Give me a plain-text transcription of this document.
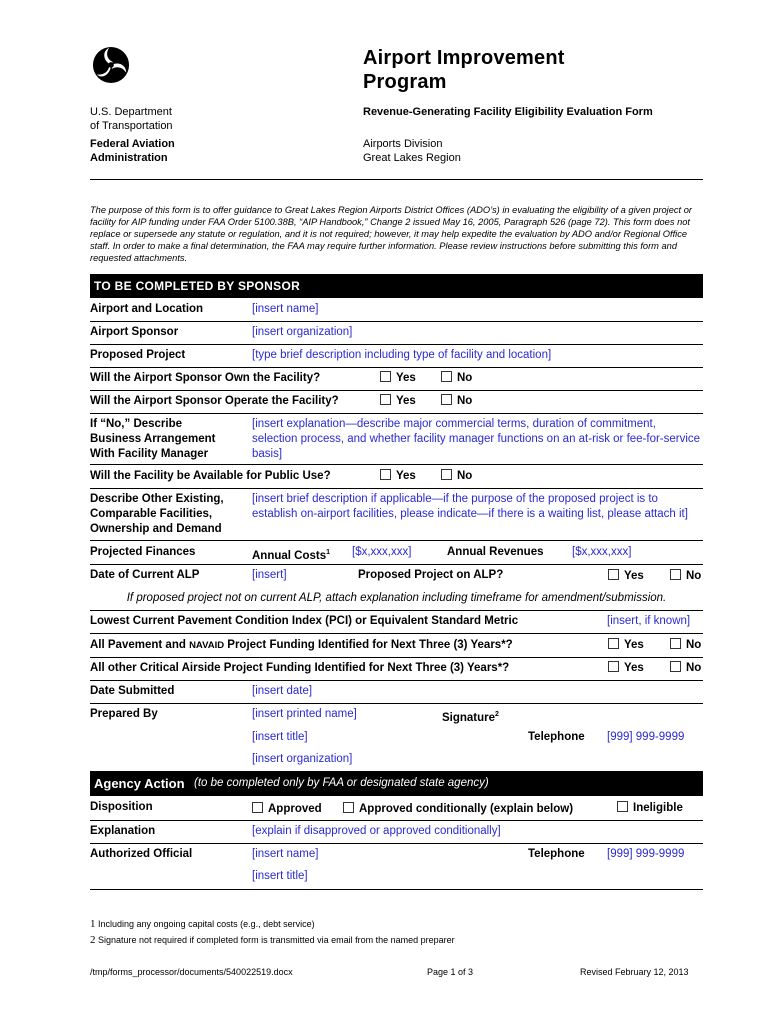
Airport Improvement
Program
U.S. Department
of Transportation
Federal Aviation
Administration
Revenue-Generating Facility Eligibility Evaluation Form
Airports Division
Great Lakes Region
The purpose of this form is to offer guidance to Great Lakes Region Airports District Offices (ADO’s) in evaluating the eligibility of a given project or facility for AIP funding under FAA Order 5100.38B, “AIP Handbook,” Change 2 issued May 16, 2005, Paragraph 526 (page 72). This form does not replace or supersede any statute or regulation, and it is not required; however, it may help expedite the evaluation by ADO and/or Regional Office staff. In order to make a final determination, the FAA may require further information. Please review instructions before submitting this form and requested attachments.
TO BE COMPLETED BY SPONSOR
Airport and Location	[insert name]
Airport Sponsor	[insert organization]
Proposed Project	[type brief description including type of facility and location]
Will the Airport Sponsor Own the Facility?	Yes	No
Will the Airport Sponsor Operate the Facility?	Yes	No
If “No,” Describe
Business Arrangement
With Facility Manager
[insert explanation—describe major commercial terms, duration of commitment, selection process, and whether facility manager functions on an at-risk or fee-for-service basis]
Will the Facility be Available for Public Use?	Yes	No
Describe Other Existing,
Comparable Facilities,
Ownership and Demand
[insert brief description if applicable—if the purpose of the proposed project is to establish on-airport facilities, please indicate—if there is a waiting list, please attach it]
Projected Finances	Annual Costs$^1$ [$x,xxx,xxx]	Annual Revenues [$x,xxx,xxx]
Date of Current ALP	[insert]	Proposed Project on ALP?	Yes	No
If proposed project not on current ALP, attach explanation including timeframe for amendment/submission.
Lowest Current Pavement Condition Index (PCI) or Equivalent Standard Metric	[insert, if known]
All Pavement and NAVAID Project Funding Identified for Next Three (3) Years*?	Yes	No
All other Critical Airside Project Funding Identified for Next Three (3) Years*?	Yes	No
Date Submitted	[insert date]
Prepared By	[insert printed name]	Signature$^2$
[insert title]	Telephone [999] 999-9999
[insert organization]
Agency Action (to be completed only by FAA or designated state agency)
Disposition	Approved	Approved conditionally (explain below)	Ineligible
Explanation	[explain if disapproved or approved conditionally]
Authorized Official	[insert name]	Telephone [999] 999-9999
[insert title]
1 Including any ongoing capital costs (e.g., debt service)
2 Signature not required if completed form is transmitted via email from the named preparer
/tmp/forms_processor/documents/540022519.docx	Page 1 of 3	Revised February 12, 2013
